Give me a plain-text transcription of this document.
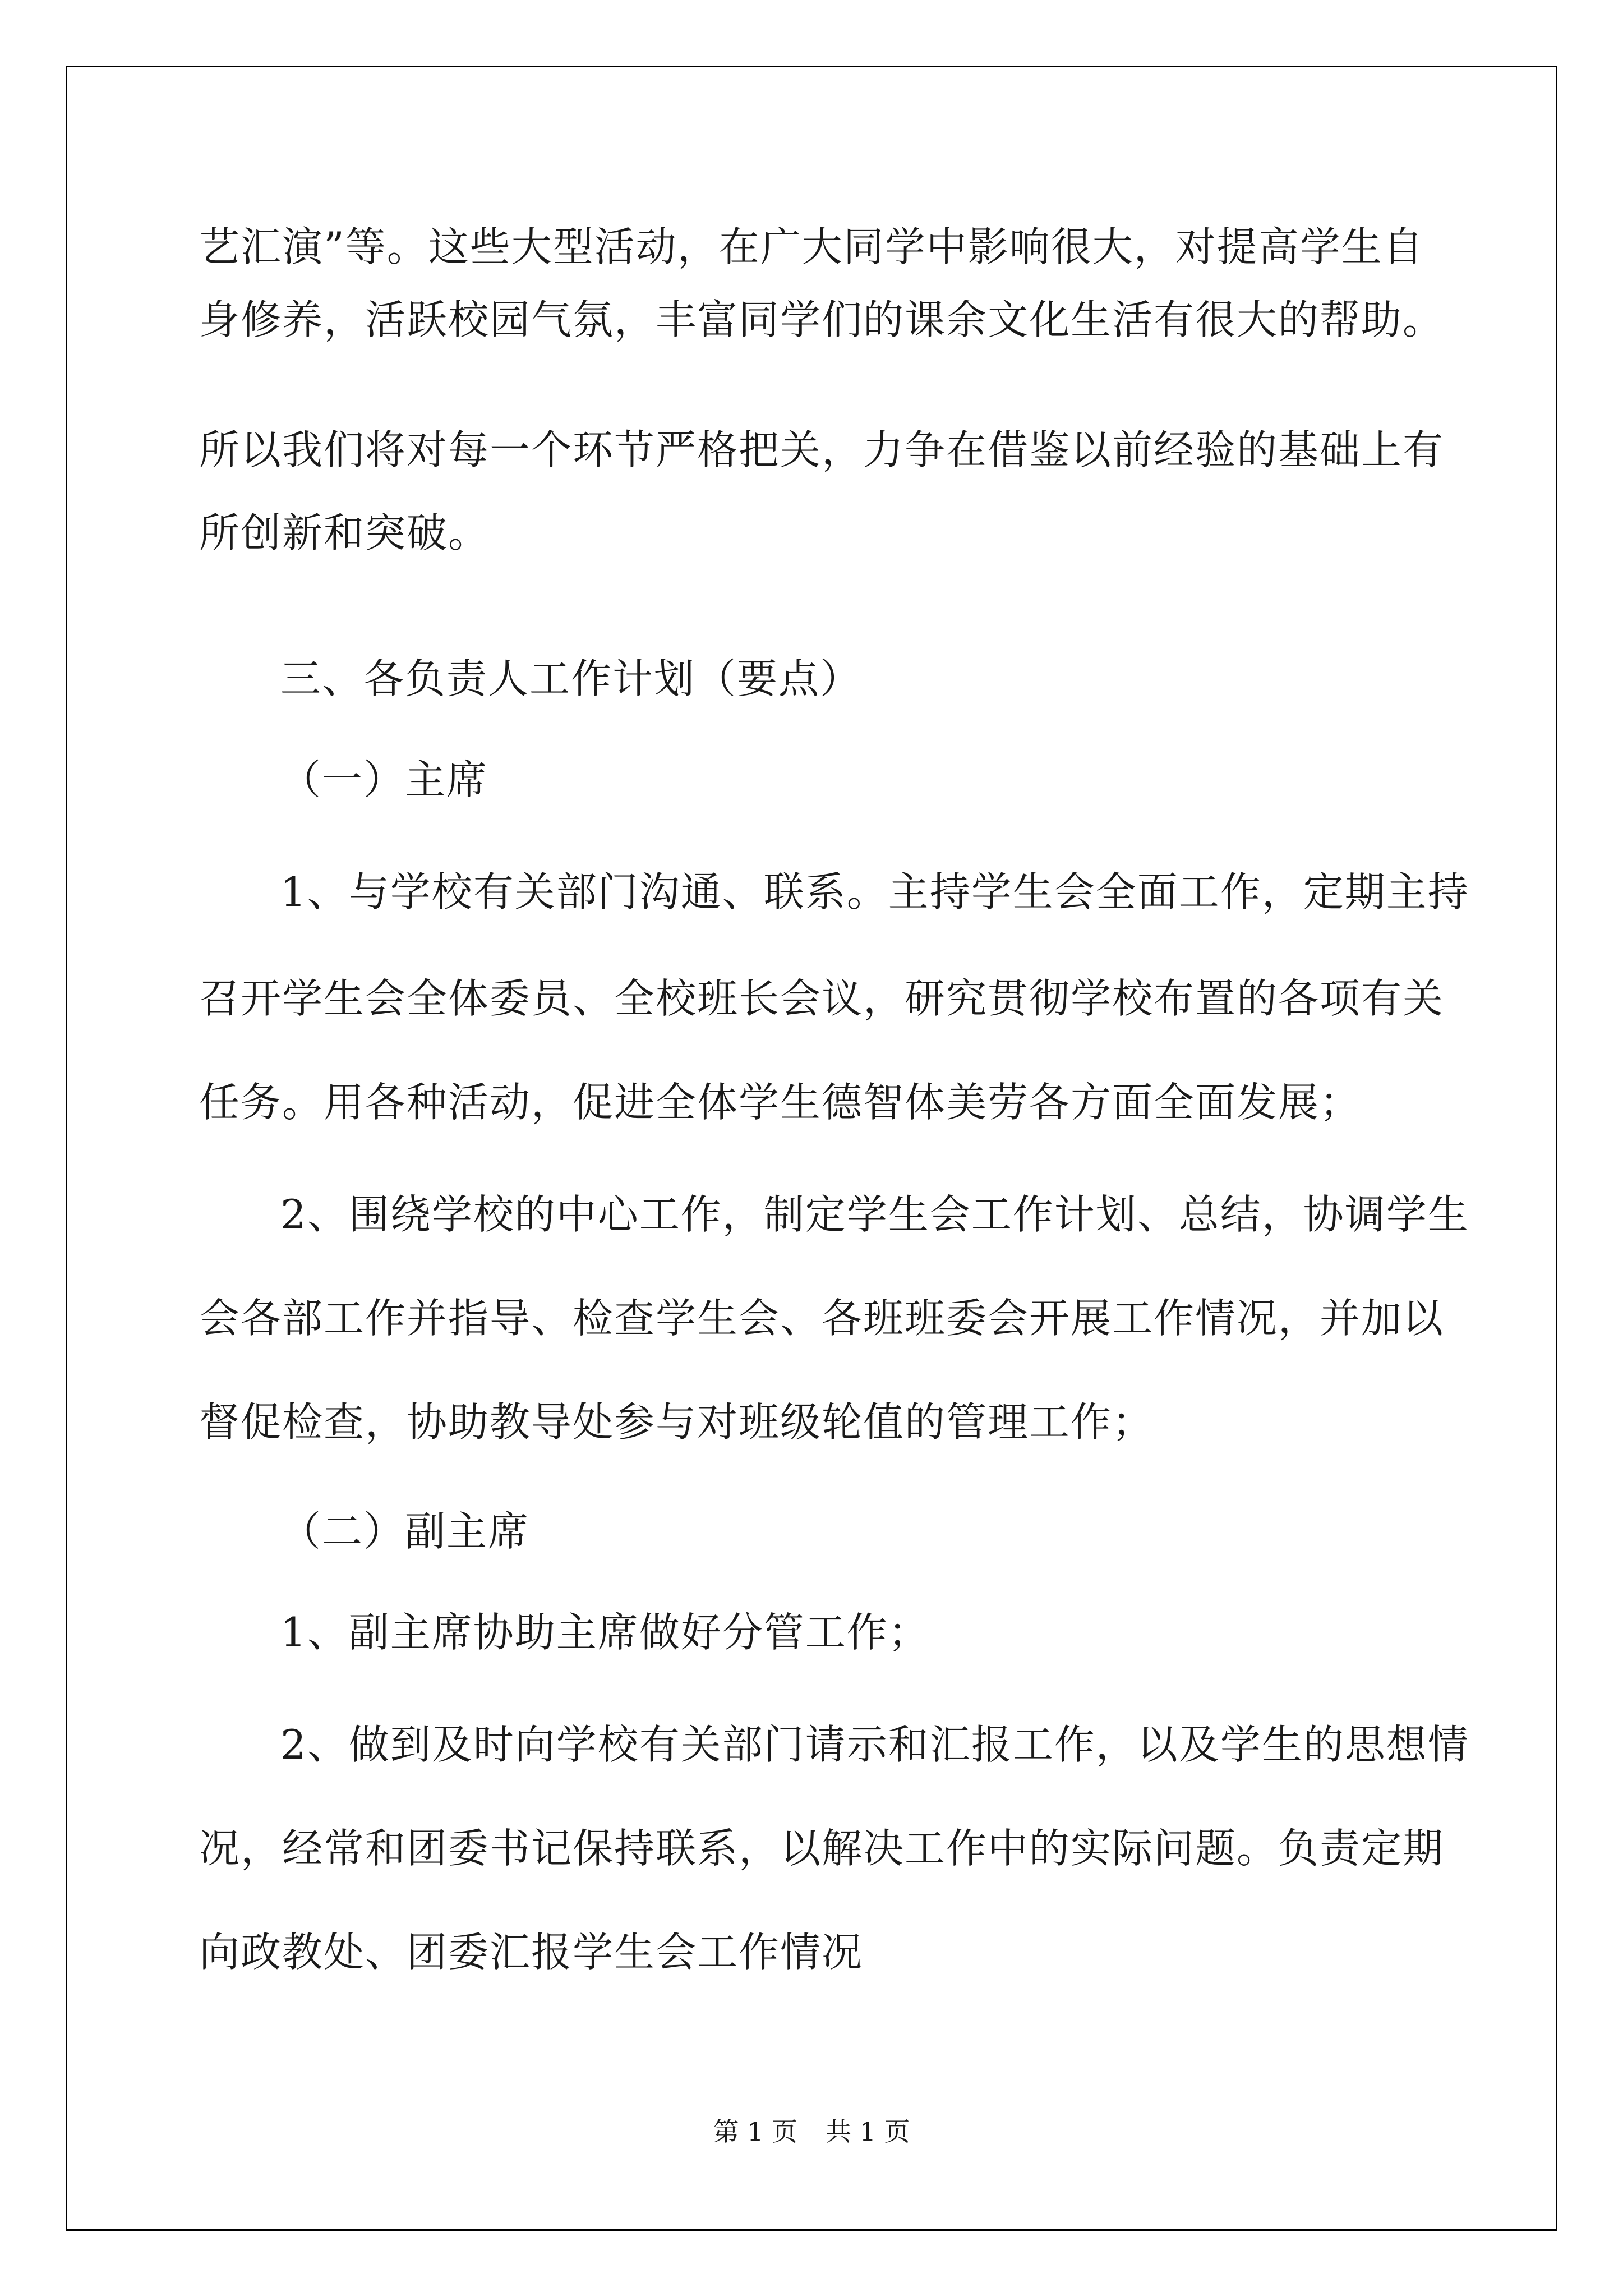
艺汇演”等。这些大型活动，在广大同学中影响很大，对提高学生自
身修养，活跃校园气氛，丰富同学们的课余文化生活有很大的帮助。
所以我们将对每一个环节严格把关，力争在借鉴以前经验的基础上有
所创新和突破。
三、各负责人工作计划（要点）
（一）主席
1、与学校有关部门沟通、联系。主持学生会全面工作，定期主持
召开学生会全体委员、全校班长会议，研究贯彻学校布置的各项有关
任务。用各种活动，促进全体学生德智体美劳各方面全面发展；
2、围绕学校的中心工作，制定学生会工作计划、总结，协调学生
会各部工作并指导、检查学生会、各班班委会开展工作情况，并加以
督促检查，协助教导处参与对班级轮值的管理工作；
（二）副主席
1、副主席协助主席做好分管工作；
2、做到及时向学校有关部门请示和汇报工作，以及学生的思想情
况，经常和团委书记保持联系，以解决工作中的实际问题。负责定期
向政教处、团委汇报学生会工作情况
第 1 页 共 1 页
